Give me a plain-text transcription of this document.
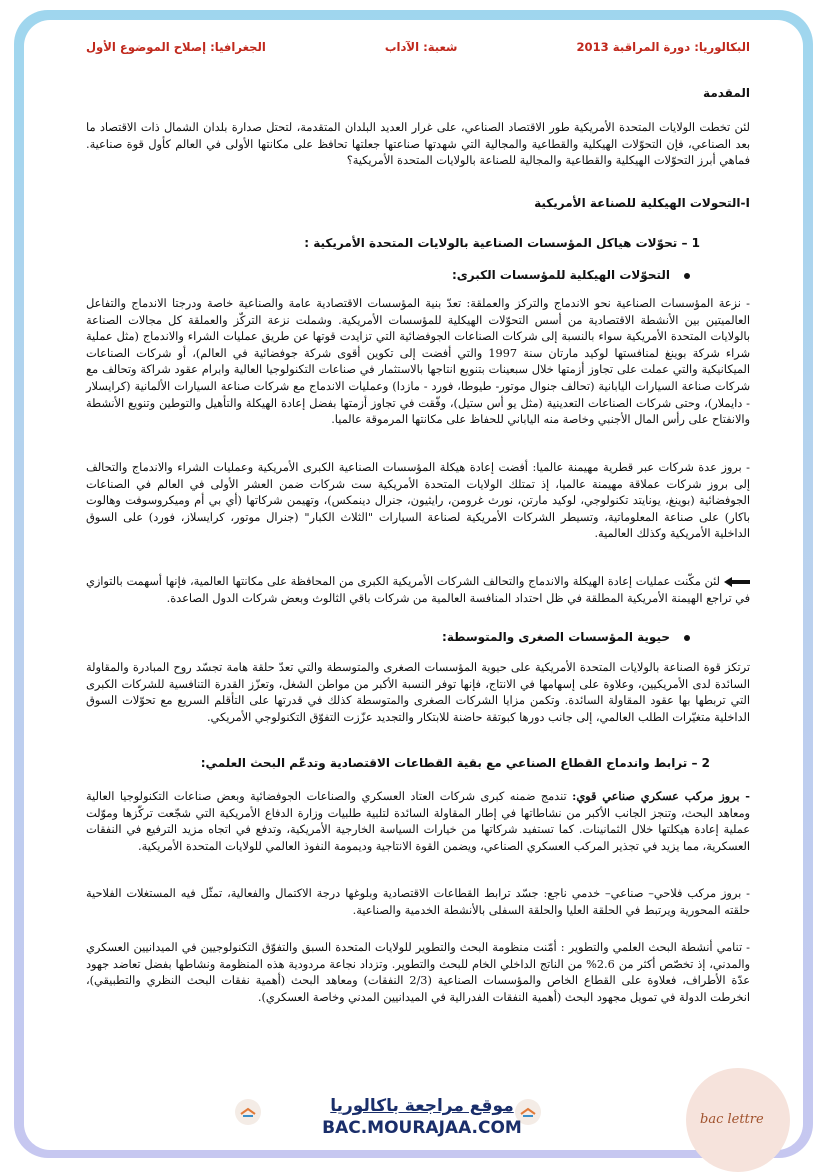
البكالوريا: دورة المراقبة 2013
شعبة: الآداب
الجغرافيا: إصلاح الموضوع الأول
المقدمة

لئن تخطت الولايات المتحدة الأمريكية طور الاقتصاد الصناعي، على غرار العديد البلدان المتقدمة، لتحتل صدارة بلدان الشمال ذات الاقتصاد ما بعد الصناعي، فإن التحوّلات الهيكلية والقطاعية والمجالية التي شهدتها صناعتها جعلتها تحافظ على مكانتها الأولى في العالم كأول قوة صناعية. فماهي أبرز التحوّلات الهيكلية والقطاعية والمجالية للصناعة بالولايات المتحدة الأمريكية؟

I-التحولات الهيكلية للصناعة الأمريكية
1 – تحوّلات هياكل المؤسسات الصناعية بالولايات المتحدة الأمريكية :
التحوّلات الهيكلية للمؤسسات الكبرى:

- نزعة المؤسسات الصناعية نحو الاندماج والتركز والعملقة: تعدّ بنية المؤسسات الاقتصادية عامة والصناعية خاصة ودرجتا الاندماج والتفاعل العالميتين بين الأنشطة الاقتصادية من أسس التحوّلات الهيكلية للمؤسسات الأمريكية. وشملت نزعة التركّز والعملقة كل مجالات الصناعة بالولايات المتحدة الأمريكية سواء بالنسبة إلى شركات الصناعات الجوفضائية التي تزايدت قوتها عن طريق عمليات الشراء والاندماج (مثل عملية شراء شركة بوينغ لمنافستها لوكيد مارتان سنة 1997 والتي أفضت إلى تكوين أقوى شركة جوفضائية في العالم)، أو شركات الصناعات الميكانيكية والتي عملت على تجاوز أزمتها خلال سبعينات بتنويع انتاجها بالاستثمار في صناعات التكنولوجيا العالية وابرام عقود شراكة وتحالف مع شركات صناعة السيارات اليابانية (تحالف جنوال موتور- طيوطا، فورد - مازدا) وعمليات الاندماج مع شركات صناعة السيارات الألمانية (كرايسلار - دايملار)، وحتى شركات الصناعات التعدينية (مثل يو أس ستيل)، وفّقت في تجاوز أزمتها بفضل إعادة الهيكلة والتأهيل والتوطين وتنويع الأنشطة والانفتاح على رأس المال الأجنبي وخاصة منه الياباني للحفاظ على مكانتها المرموقة عالميا.

- بروز عدة شركات عبر قطرية مهيمنة عالميا: أفضت إعادة هيكلة المؤسسات الصناعية الكبرى الأمريكية وعمليات الشراء والاندماج والتحالف إلى بروز شركات عملاقة مهيمنة عالميا، إذ تمتلك الولايات المتحدة الأمريكية ست شركات ضمن العشر الأولى في العالم في الصناعات الجوفضائية (بوينغ، يونايتد تكنولوجي، لوكيد مارتن، نورث غرومن، رايثيون، جنرال دينمكس)، وتهيمن شركاتها (أي بي أم وميكروسوفت وهالوت باكار) على صناعة المعلوماتية، وتسيطر الشركات الأمريكية لصناعة السيارات "الثلاث الكبار" (جنرال موتور، كرايسلاز، فورد) على السوق الداخلية الأمريكية وكذلك العالمية.

لئن مكّنت عمليات إعادة الهيكلة والاندماج والتحالف الشركات الأمريكية الكبرى من المحافظة على مكانتها العالمية، فإنها أسهمت بالتوازي في تراجع الهيمنة الأمريكية المطلقة في ظل احتداد المنافسة العالمية من شركات باقي الثالوث وبعض شركات الدول الصاعدة.

حيوية المؤسسات الصغرى والمتوسطة:

ترتكز قوة الصناعة بالولايات المتحدة الأمريكية على حيوية المؤسسات الصغرى والمتوسطة والتي تعدّ حلقة هامة تجسّد روح المبادرة والمقاولة السائدة لدى الأمريكيين، وعلاوة على إسهامها في الانتاج، فإنها توفر النسبة الأكبر من مواطن الشغل، وتعزّز القدرة التنافسية للشركات الكبرى التي تربطها بها عقود المقاولة السائدة. وتكمن مزايا الشركات الصغرى والمتوسطة كذلك في قدرتها على التأقلم السريع مع تحوّلات السوق الداخلية متغيّرات الطلب العالمي، إلى جانب دورها كبوتقة حاضنة للابتكار والتجديد عزّزت التفوّق التكنولوجي الأمريكي.

2 – ترابط واندماج القطاع الصناعي مع بقية القطاعات الاقتصادية وتدعّم البحث العلمي:

- بروز مركب عسكري صناعي قوي: تندمج ضمنه كبرى شركات العتاد العسكري والصناعات الجوفضائية وبعض صناعات التكنولوجيا العالية ومعاهد البحث، وتنجز الجانب الأكبر من نشاطاتها في إطار المقاولة السائدة لتلبية طلبيات وزارة الدفاع الأمريكية التي شجّعت تركّزها وموّلت عملية إعادة هيكلتها خلال الثمانينات. كما تستفيد شركاتها من خيارات السياسة الخارجية الأمريكية، وتدفع في اتجاه مزيد الترفيع في النفقات العسكرية، مما يزيد في تجذير المركب العسكري الصناعي، ويضمن القوة الانتاجية وديمومة النفوذ العالمي للولايات المتحدة الأمريكية.

- بروز مركب فلاحي– صناعي– خدمي ناجع: جسّد ترابط القطاعات الاقتصادية وبلوغها درجة الاكتمال والفعالية، تمثّل فيه المستغلات الفلاحية حلقته المحورية ويرتبط في الحلقة العليا والحلقة السفلى بالأنشطة الخدمية والصناعية.

- تنامي أنشطة البحث العلمي والتطوير : أمّنت منظومة البحث والتطوير للولايات المتحدة السبق والتفوّق التكنولوجيين في الميدانيين العسكري والمدني، إذ تخصّص أكثر من 2.6% من الناتج الداخلي الخام للبحث والتطوير. وتزداد نجاعة مردودية هذه المنظومة ونشاطها بفضل تعاضد جهود عدّة الأطراف، فعلاوة على القطاع الخاص والمؤسسات الصناعية (2/3 النفقات) ومعاهد البحث (أهمية نفقات البحث النظري والتطبيقي)، انخرطت الدولة في تمويل مجهود البحث (أهمية النفقات الفدرالية في الميدانيين المدني وخاصة العسكري).

موقع مراجعة باكالوريا
BAC.MOURAJAA.COM	bac lettre
